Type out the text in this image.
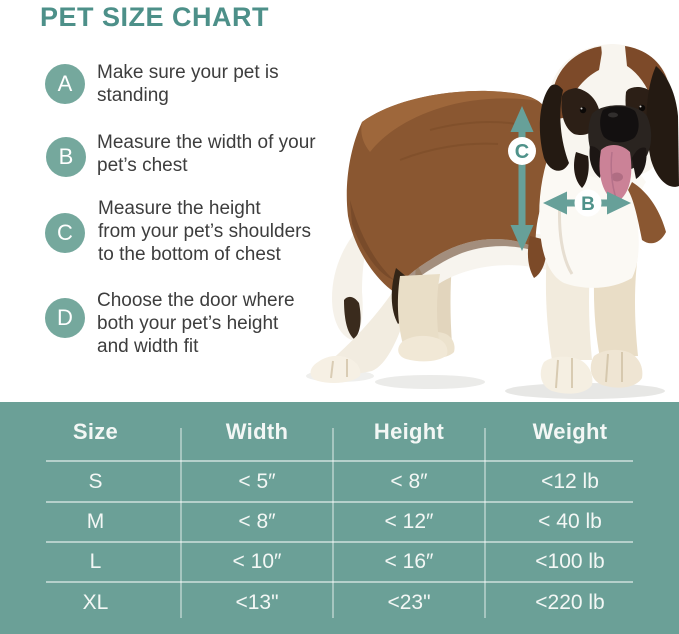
PET SIZE CHART
A Make sure your pet is
standing
B
Measure the width of your
pet’s chest
C
Measure the height
from your pet’s shoulders
to the bottom of chest
D
Choose the door where
both your pet’s height
and width fit
C
B
Size	Width	Height	Weight
S	< 5″	< 8″	<12 lb
M	< 8″	< 12″	< 40 lb
L	< 10″	< 16″	<100 lb
XL	<13"	<23"	<220 lb
